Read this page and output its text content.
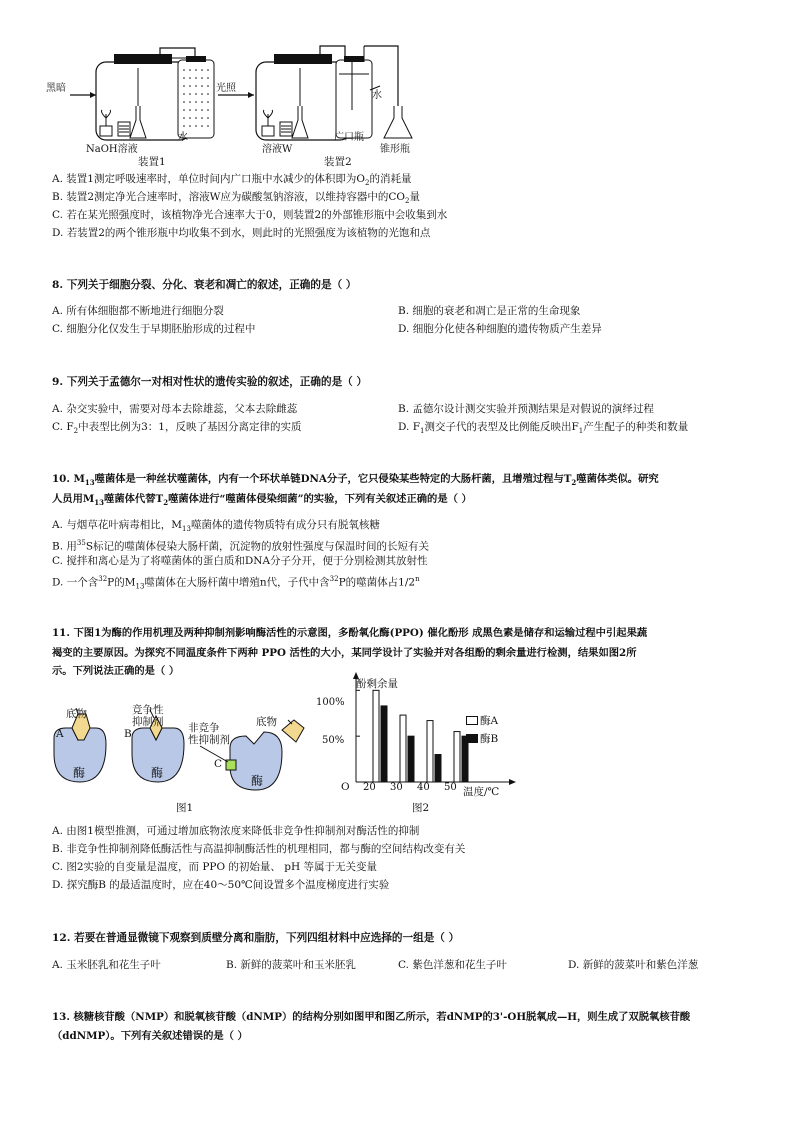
黑暗	光照
NaOH溶液
水
装置1
溶液W
广口瓶
水
锥形瓶
装置2
A. 装置1测定呼吸速率时，单位时间内广口瓶中水减少的体积即为$O_2$的消耗量
B. 装置2测定净光合速率时，溶液W应为碳酸氢钠溶液，以维持容器中的$CO_2$量
C. 若在某光照强度时，该植物净光合速率大于0，则装置2的外部锥形瓶中会收集到水
D. 若装置2的两个锥形瓶中均收集不到水，则此时的光照强度为该植物的光饱和点
8. 下列关于细胞分裂、分化、衰老和凋亡的叙述，正确的是（ ）
A. 所有体细胞都不断地进行细胞分裂	B. 细胞的衰老和凋亡是正常的生命现象
C. 细胞分化仅发生于早期胚胎形成的过程中	D. 细胞分化使各种细胞的遗传物质产生差异
9. 下列关于孟德尔一对相对性状的遗传实验的叙述，正确的是（ ）
A. 杂交实验中，需要对母本去除雄蕊，父本去除雌蕊	B. 孟德尔设计测交实验并预测结果是对假说的演绎过程
C. $F_2$中表型比例为3：1，反映了基因分离定律的实质	D. $F_1$测交子代的表型及比例能反映出$F_1$产生配子的种类和数量
10. $M_{13}$噬菌体是一种丝状噬菌体，内有一个环状单链DNA分子，它只侵染某些特定的大肠杆菌，且增殖过程与$T_2$噬菌体类似。研究
人员用$M_{13}$噬菌体代替$T_2$噬菌体进行“噬菌体侵染细菌”的实验，下列有关叙述正确的是（ ）
A. 与烟草花叶病毒相比，$M_{13}$噬菌体的遗传物质特有成分只有脱氧核糖
B. 用$^{35}$S标记的噬菌体侵染大肠杆菌，沉淀物的放射性强度与保温时间的长短有关
C. 搅拌和离心是为了将噬菌体的蛋白质和DNA分子分开，便于分别检测其放射性
D. 一个含$^{32}$P的$M_{13}$噬菌体在大肠杆菌中增殖n代，子代中含$^{32}$P的噬菌体占1/2$^n$
11. 下图1为酶的作用机理及两种抑制剂影响酶活性的示意图，多酚氧化酶(PPO) 催化酚形 成黑色素是储存和运输过程中引起果蔬
褐变的主要原因。为探究不同温度条件下两种 PPO 活性的大小，某同学设计了实验并对各组酚的剩余量进行检测，结果如图2所
示。下列说法正确的是（ ）
底物	竞争性
抑制剂 非竞争
性抑制剂
底物
A	B
C
酶	酶
酶
图1
酚剩余量
100%
50%
O 20 30 40 50 温度/℃
图2
酶A
酶B
A. 由图1模型推测，可通过增加底物浓度来降低非竞争性抑制剂对酶活性的抑制
B. 非竞争性抑制剂降低酶活性与高温抑制酶活性的机理相同，都与酶的空间结构改变有关
C. 图2实验的自变量是温度，而 PPO 的初始量、 pH 等属于无关变量
D. 探究酶B 的最适温度时，应在40～50℃间设置多个温度梯度进行实验
12. 若要在普通显微镜下观察到质壁分离和脂肪，下列四组材料中应选择的一组是（ ）
A. 玉米胚乳和花生子叶	B. 新鲜的菠菜叶和玉米胚乳	C. 紫色洋葱和花生子叶	D. 新鲜的菠菜叶和紫色洋葱
13. 核糖核苷酸（NMP）和脱氧核苷酸（dNMP）的结构分别如图甲和图乙所示，若dNMP的3'-OH脱氧成—H，则生成了双脱氧核苷酸
（ddNMP）。下列有关叙述错误的是（ ）
